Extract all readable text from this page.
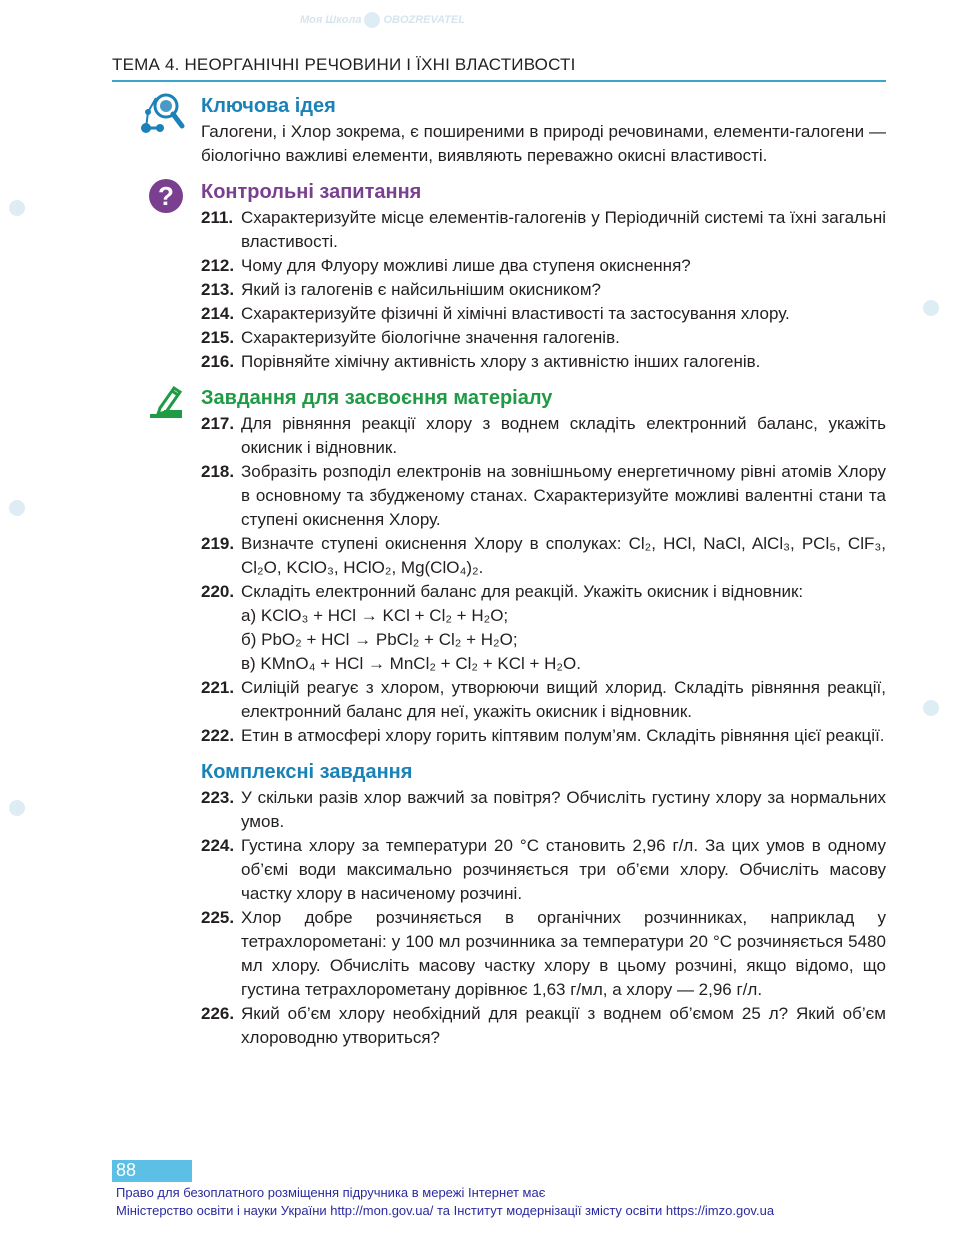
Моя Школа OBOZREVATEL
ТЕМА 4. НЕОРГАНІЧНІ РЕЧОВИНИ І ЇХНІ ВЛАСТИВОСТІ
Ключова ідея
Галогени, і Хлор зокрема, є поширеними в природі речовинами, елементи-галогени — біологічно важливі елементи, виявляють переважно окисні властивості.
? Контрольні запитання
211. Схарактеризуйте місце елементів-галогенів у Періодичній системі та їхні загальні властивості.
212. Чому для Флуору можливі лише два ступеня окиснення?
213. Який із галогенів є найсильнішим окисником?
214. Схарактеризуйте фізичні й хімічні властивості та застосування хлору.
215. Схарактеризуйте біологічне значення галогенів.
216. Порівняйте хімічну активність хлору з активністю інших галогенів.
Завдання для засвоєння матеріалу
217. Для рівняння реакції хлору з воднем складіть електронний баланс, укажіть окисник і відновник.
218. Зобразіть розподіл електронів на зовнішньому енергетичному рівні атомів Хлору в основному та збудженому станах. Схарактеризуйте можливі валентні стани та ступені окиснення Хлору.
219. Визначте ступені окиснення Хлору в сполуках: Cl₂, HCl, NaCl, AlCl₃, PCl₅, ClF₃, Cl₂O, KClO₃, HClO₂, Mg(ClO₄)₂.
220. Складіть електронний баланс для реакцій. Укажіть окисник і відновник:
а) KClO₃ + HCl → KCl + Cl₂ + H₂O;
б) PbO₂ + HCl → PbCl₂ + Cl₂ + H₂O;
в) KMnO₄ + HCl → MnCl₂ + Cl₂ + KCl + H₂O.
221. Силіцій реагує з хлором, утворюючи вищий хлорид. Складіть рівняння реакції, електронний баланс для неї, укажіть окисник і відновник.
222. Етин в атмосфері хлору горить кіптявим полум’ям. Складіть рівняння цієї реакції.
Комплексні завдання
223. У скільки разів хлор важчий за повітря? Обчисліть густину хлору за нормальних умов.
224. Густина хлору за температури 20 °C становить 2,96 г/л. За цих умов в одному об’ємі води максимально розчиняється три об’єми хлору. Обчисліть масову частку хлору в насиченому розчині.
225. Хлор добре розчиняється в органічних розчинниках, наприклад у тетрахлорометані: у 100 мл розчинника за температури 20 °C розчиняється 5480 мл хлору. Обчисліть масову частку хлору в цьому розчині, якщо відомо, що густина тетрахлорометану дорівнює 1,63 г/мл, а хлору — 2,96 г/л.
226. Який об’єм хлору необхідний для реакції з воднем об’ємом 25 л? Який об’єм хлороводню утвориться?
88
Право для безоплатного розміщення підручника в мережі Інтернет має
Міністерство освіти і науки України http://mon.gov.ua/ та Інститут модернізації змісту освіти https://imzo.gov.ua
